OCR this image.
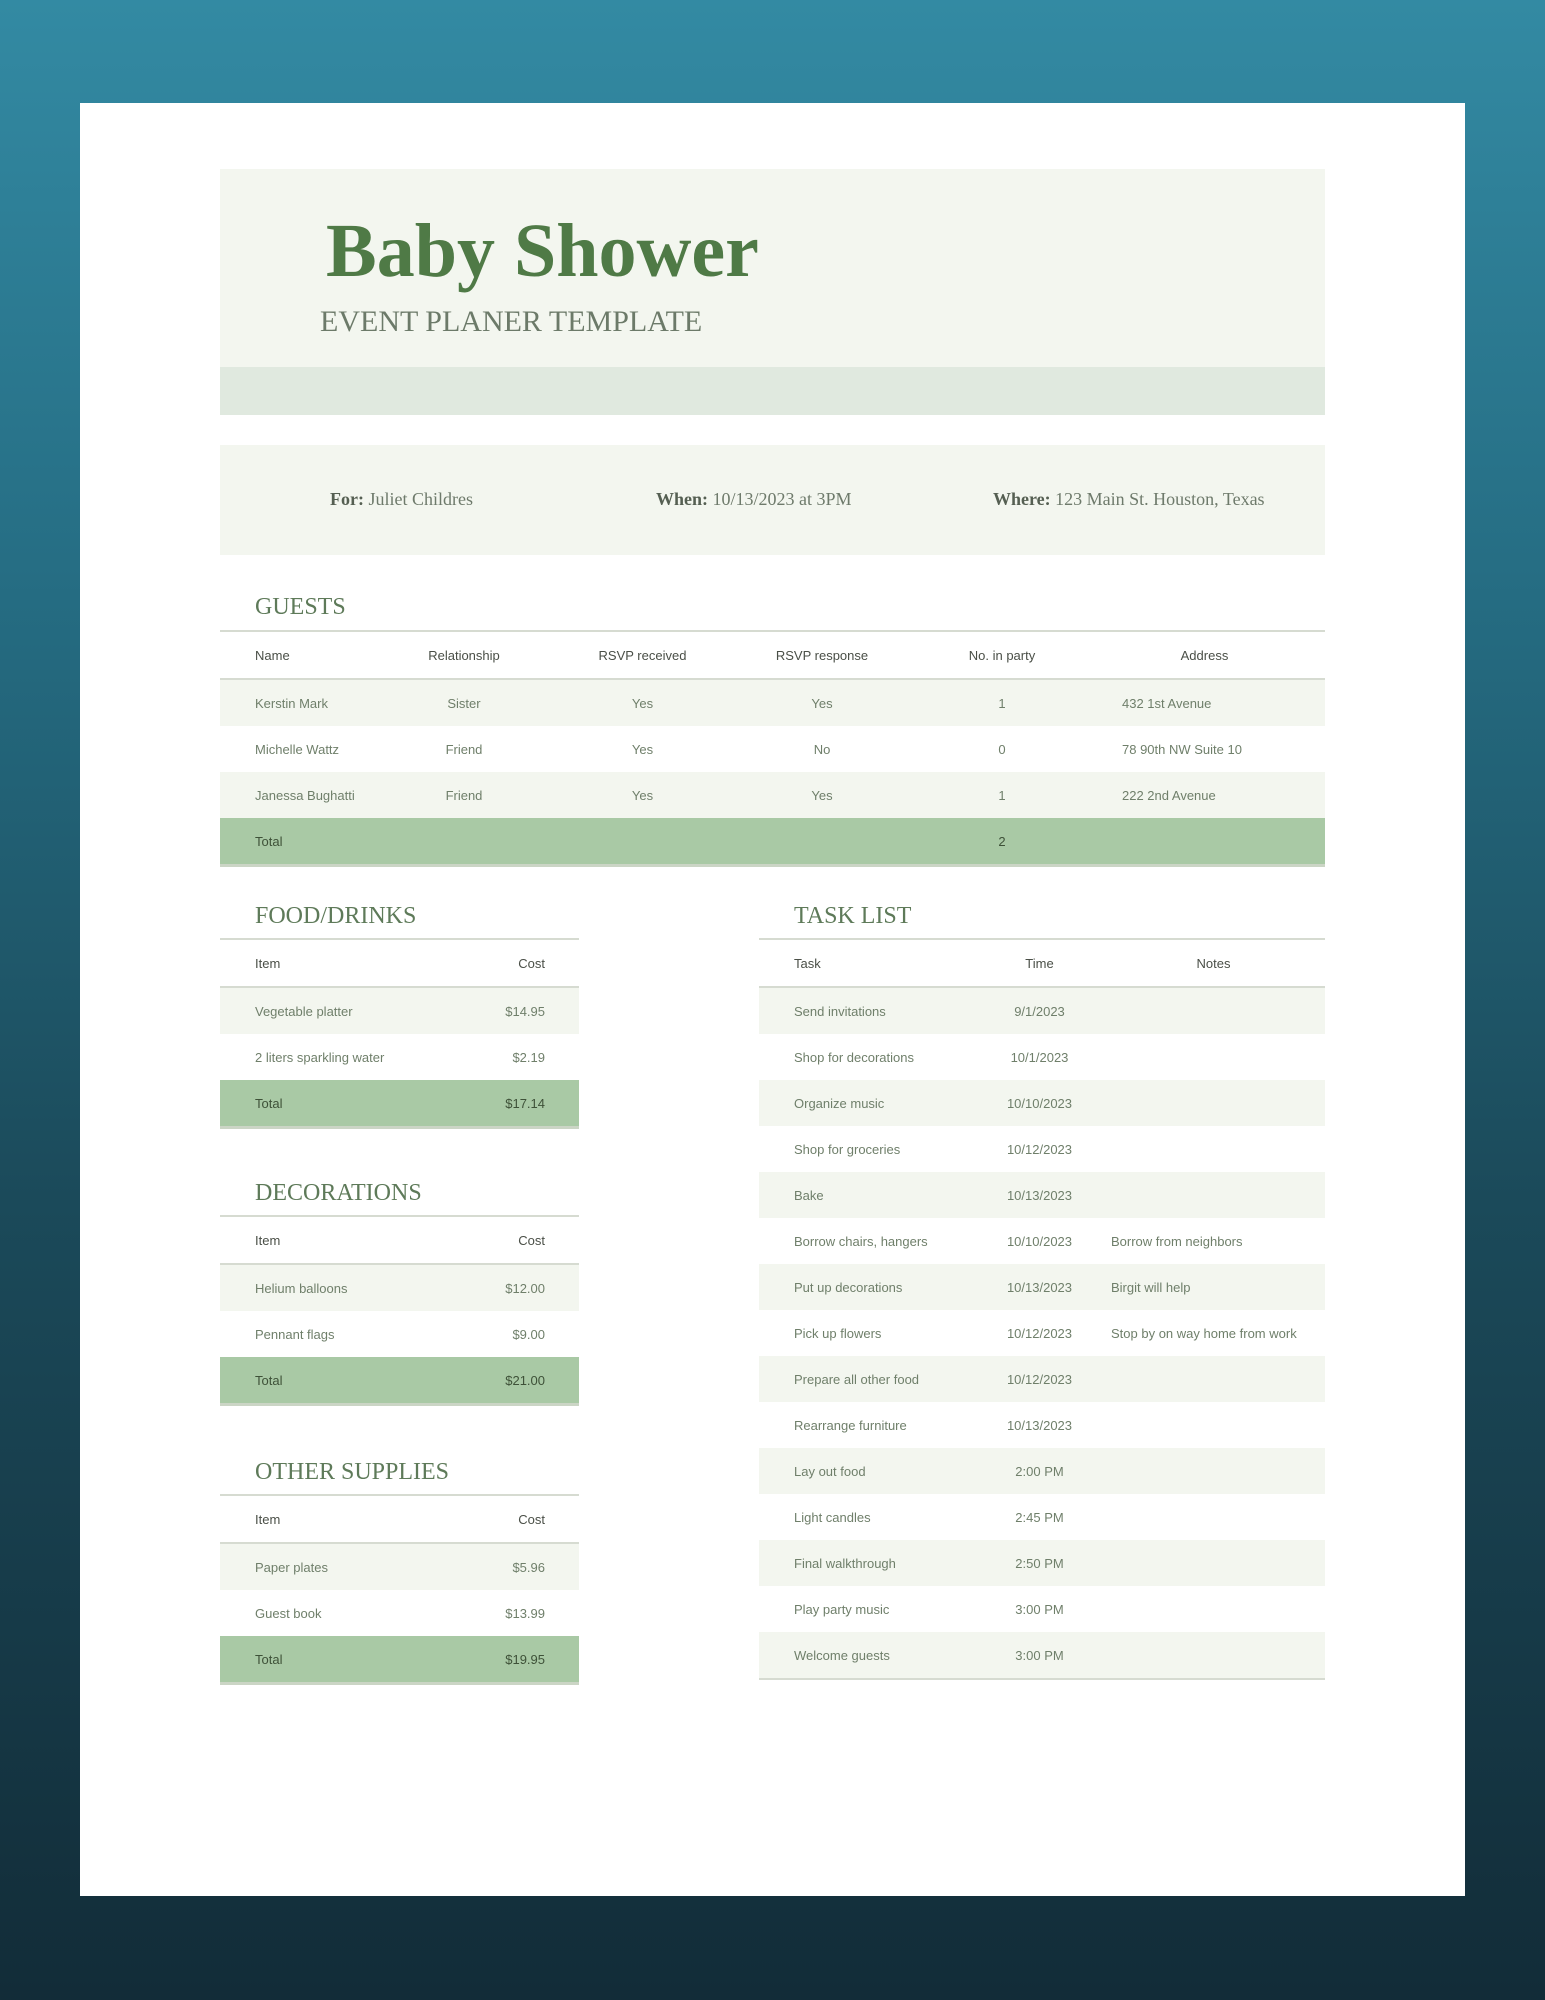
Baby Shower
EVENT PLANER TEMPLATE
For: Juliet Childres	When: 10/13/2023 at 3PM	Where: 123 Main St. Houston, Texas
GUESTS
Name	Relationship	RSVP received	RSVP response	No. in party	Address
Kerstin Mark	Sister	Yes	Yes	1	432 1st Avenue
Michelle Wattz	Friend	Yes	No	0	78 90th NW Suite 10
Janessa Bughatti	Friend	Yes	Yes	1	222 2nd Avenue
Total				2	
FOOD/DRINKS
Item	Cost
Vegetable platter	$14.95
2 liters sparkling water	$2.19
Total	$17.14
DECORATIONS
Item	Cost
Helium balloons	$12.00
Pennant flags	$9.00
Total	$21.00
OTHER SUPPLIES
Item	Cost
Paper plates	$5.96
Guest book	$13.99
Total	$19.95
TASK LIST
Task	Time	Notes
Send invitations	9/1/2023	
Shop for decorations	10/1/2023	
Organize music	10/10/2023	
Shop for groceries	10/12/2023	
Bake	10/13/2023	
Borrow chairs, hangers	10/10/2023	Borrow from neighbors
Put up decorations	10/13/2023	Birgit will help
Pick up flowers	10/12/2023	Stop by on way home from work
Prepare all other food	10/12/2023	
Rearrange furniture	10/13/2023	
Lay out food	2:00 PM	
Light candles	2:45 PM	
Final walkthrough	2:50 PM	
Play party music	3:00 PM	
Welcome guests	3:00 PM	
